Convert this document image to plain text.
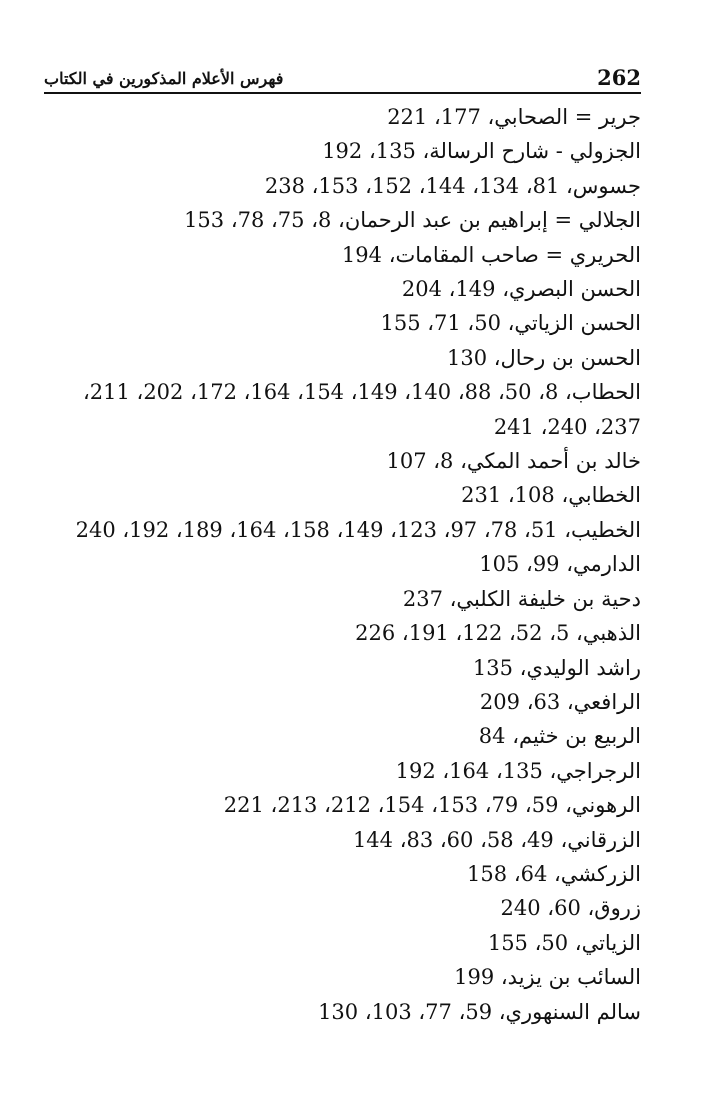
فهرس الأعلام المذكورين في الكتاب	262
جرير = الصحابي، 177، 221
الجزولي - شارح الرسالة، 135، 192
جسوس، 81، 134، 144، 152، 153، 238
الجلالي = إبراهيم بن عبد الرحمان، 8، 75، 78، 153
الحريري = صاحب المقامات، 194
الحسن البصري، 149، 204
الحسن الزياتي، 50، 71، 155
الحسن بن رحال، 130
الحطاب، 8، 50، 88، 140، 149، 154، 164، 172، 202، 211، 237، 240، 241
خالد بن أحمد المكي، 8، 107
الخطابي، 108، 231
الخطيب، 51، 78، 97، 123، 149، 158، 164، 189، 192، 240
الدارمي، 99، 105
دحية بن خليفة الكلبي، 237
الذهبي، 5، 52، 122، 191، 226
راشد الوليدي، 135
الرافعي، 63، 209
الربيع بن خثيم، 84
الرجراجي، 135، 164، 192
الرهوني، 59، 79، 153، 154، 212، 213، 221
الزرقاني، 49، 58، 60، 83، 144
الزركشي، 64، 158
زروق، 60، 240
الزياتي، 50، 155
السائب بن يزيد، 199
سالم السنهوري، 59، 77، 103، 130
